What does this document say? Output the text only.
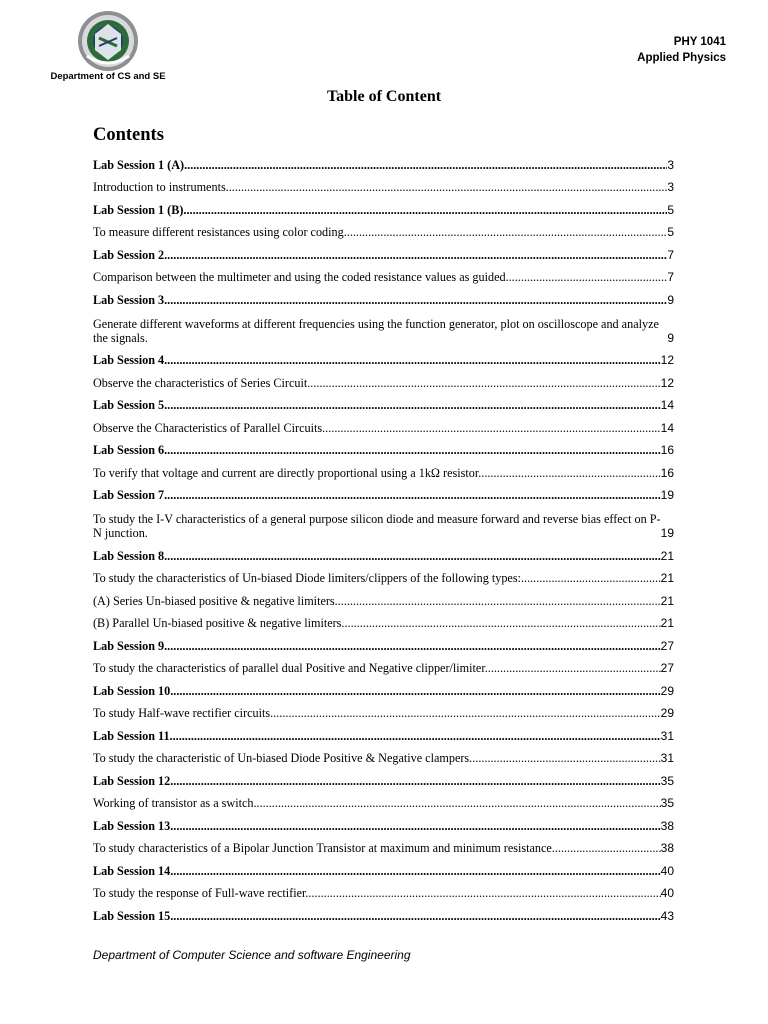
Department of CS and SE
PHY 1041
Applied Physics
Table of Content
Contents
Lab Session 1 (A) .....	3
Introduction to instruments. .....	3
Lab Session 1 (B) .....	5
To measure different resistances using color coding. .....	5
Lab Session 2 .....	7
Comparison between the multimeter and using the coded resistance values as guided. .....	7
Lab Session 3 .....	9
Generate different waveforms at different frequencies using the function generator, plot on oscilloscope and analyze the signals.	9
Lab Session 4 .....	12
Observe the characteristics of Series Circuit. .....	12
Lab Session 5 .....	14
Observe the Characteristics of Parallel Circuits. .....	14
Lab Session 6 .....	16
To verify that voltage and current are directly proportional using a 1kΩ resistor. .....	16
Lab Session 7 .....	19
To study the I-V characteristics of a general purpose silicon diode and measure forward and reverse bias effect on P-N junction.	19
Lab Session 8 .....	21
To study the characteristics of Un-biased Diode limiters/clippers of the following types: .....	21
(A) Series Un-biased positive & negative limiters. .....	21
(B) Parallel Un-biased positive & negative limiters. .....	21
Lab Session 9 .....	27
To study the characteristics of parallel dual Positive and Negative clipper/limiter. .....	27
Lab Session 10 .....	29
To study Half-wave rectifier circuits. .....	29
Lab Session 11 .....	31
To study the characteristic of Un-biased Diode Positive & Negative clampers. .....	31
Lab Session 12 .....	35
Working of transistor as a switch. .....	35
Lab Session 13 .....	38
To study characteristics of a Bipolar Junction Transistor at maximum and minimum resistance. .....	38
Lab Session 14 .....	40
To study the response of Full-wave rectifier. .....	40
Lab Session 15 .....	43
Department of Computer Science and software Engineering
